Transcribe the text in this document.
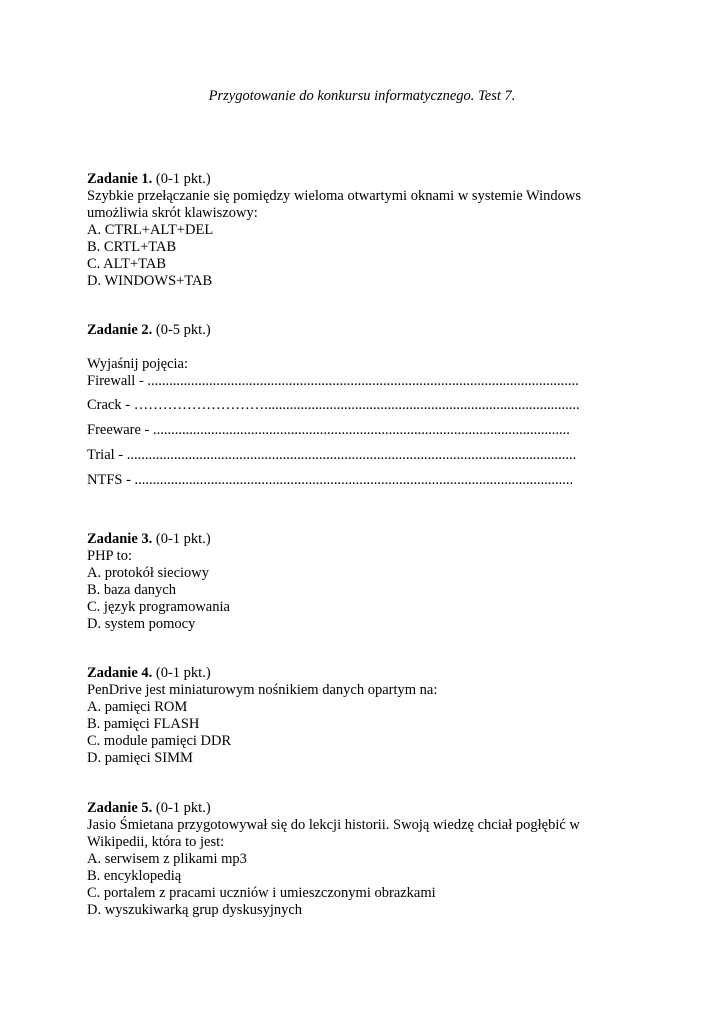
Przygotowanie do konkursu informatycznego. Test 7.

Zadanie 1. (0-1 pkt.)

Szybkie przełączanie się pomiędzy wieloma otwartymi oknami w systemie Windows

umożliwia skrót klawiszowy:

A. CTRL+ALT+DEL

B. CRTL+TAB

C. ALT+TAB

D. WINDOWS+TAB

Zadanie 2. (0-5 pkt.)

Wyjaśnij pojęcia:

Firewall - .......................................................................................................................

Crack - ……………………….......................................................................................

Freeware - ...................................................................................................................

Trial - ............................................................................................................................

NTFS - .........................................................................................................................

Zadanie 3. (0-1 pkt.)

PHP to:

A. protokół sieciowy

B. baza danych

C. język programowania

D. system pomocy

Zadanie 4. (0-1 pkt.)

PenDrive jest miniaturowym nośnikiem danych opartym na:

A. pamięci ROM

B. pamięci FLASH

C. module pamięci DDR

D. pamięci SIMM

Zadanie 5. (0-1 pkt.)

Jasio Śmietana przygotowywał się do lekcji historii. Swoją wiedzę chciał pogłębić w

Wikipedii, która to jest:

A. serwisem z plikami mp3

B. encyklopedią

C. portalem z pracami uczniów i umieszczonymi obrazkami

D. wyszukiwarką grup dyskusyjnych
